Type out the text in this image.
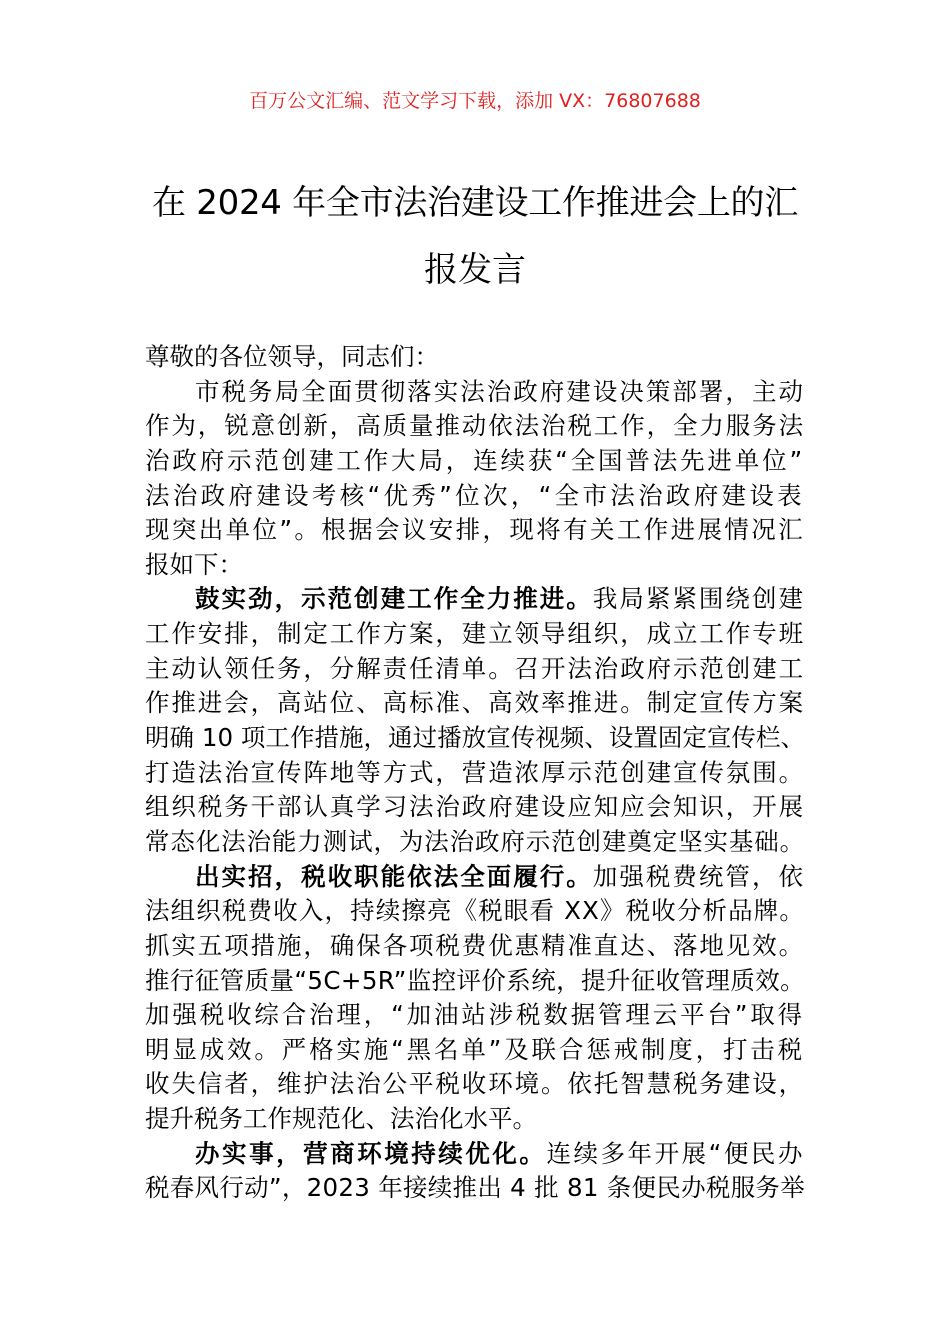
百万公文汇编、范文学习下载，添加 VX：76807688
在 2024 年全市法治建设工作推进会上的汇
报发言
尊敬的各位领导，同志们：
市税务局全面贯彻落实法治政府建设决策部署，主动
作为，锐意创新，高质量推动依法治税工作，全力服务法
治政府示范创建工作大局，连续获“全国普法先进单位”
法治政府建设考核“优秀”位次，“全市法治政府建设表
现突出单位”。根据会议安排，现将有关工作进展情况汇
报如下：
鼓实劲，示范创建工作全力推进。我局紧紧围绕创建
工作安排，制定工作方案，建立领导组织，成立工作专班
主动认领任务，分解责任清单。召开法治政府示范创建工
作推进会，高站位、高标准、高效率推进。制定宣传方案
明确 10 项工作措施，通过播放宣传视频、设置固定宣传栏、
打造法治宣传阵地等方式，营造浓厚示范创建宣传氛围。
组织税务干部认真学习法治政府建设应知应会知识，开展
常态化法治能力测试，为法治政府示范创建奠定坚实基础。
出实招，税收职能依法全面履行。加强税费统管，依
法组织税费收入，持续擦亮《税眼看 XX》税收分析品牌。
抓实五项措施，确保各项税费优惠精准直达、落地见效。
推行征管质量“5C+5R”监控评价系统，提升征收管理质效。
加强税收综合治理，“加油站涉税数据管理云平台”取得
明显成效。严格实施“黑名单”及联合惩戒制度，打击税
收失信者，维护法治公平税收环境。依托智慧税务建设，
提升税务工作规范化、法治化水平。
办实事，营商环境持续优化。连续多年开展“便民办
税春风行动”，2023 年接续推出 4 批 81 条便民办税服务举
